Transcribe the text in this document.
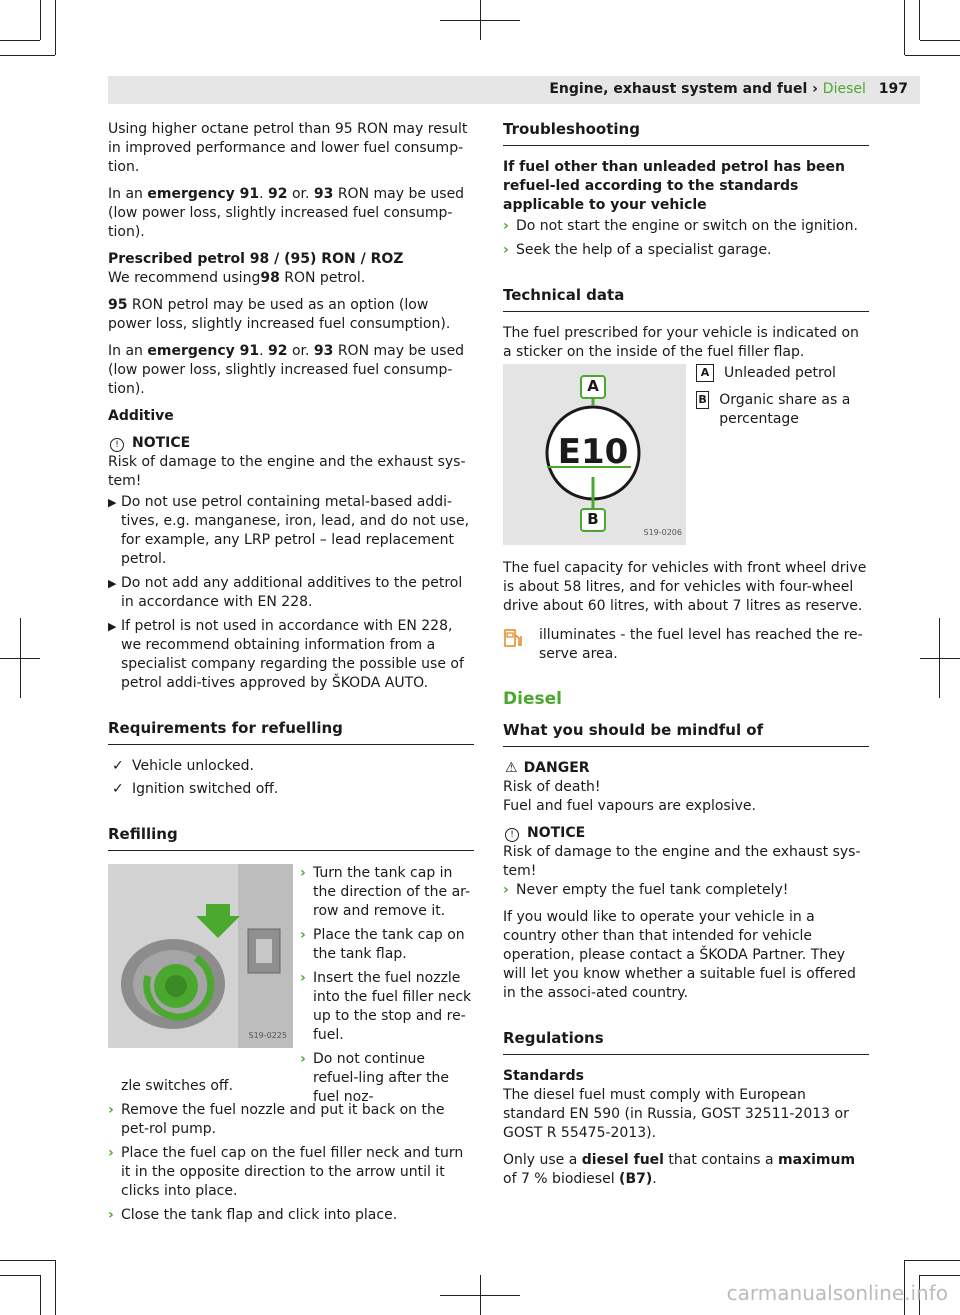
Engine, exhaust system and fuel › Diesel 197

Using higher octane petrol than 95 RON may result in improved performance and lower fuel consump-tion.

In an emergency 91. 92 or. 93 RON may be used (low power loss, slightly increased fuel consump-tion).

Prescribed petrol 98 / (95) RON / ROZ

We recommend using98 RON petrol.

95 RON petrol may be used as an option (low power loss, slightly increased fuel consumption).

In an emergency 91. 92 or. 93 RON may be used (low power loss, slightly increased fuel consump-tion).

Additive

! NOTICE
Risk of damage to the engine and the exhaust sys-tem!
▶ Do not use petrol containing metal-based addi-tives, e.g. manganese, iron, lead, and do not use, for example, any LRP petrol – lead replacement petrol.
▶ Do not add any additional additives to the petrol in accordance with EN 228.
▶ If petrol is not used in accordance with EN 228, we recommend obtaining information from a specialist company regarding the possible use of petrol addi-tives approved by ŠKODA AUTO.
Requirements for refuelling
✓ Vehicle unlocked.
✓ Ignition switched off.
Refilling
S19-0225
› Turn the tank cap in the direction of the ar-row and remove it.
› Place the tank cap on the tank flap.
› Insert the fuel nozzle into the fuel filler neck up to the stop and re-fuel.
› Do not continue refuel-ling after the fuel noz-
zle switches off.
› Remove the fuel nozzle and put it back on the pet-rol pump.
› Place the fuel cap on the fuel filler neck and turn it in the opposite direction to the arrow until it clicks into place.
› Close the tank flap and click into place.
Troubleshooting
If fuel other than unleaded petrol has been refuel-led according to the standards applicable to your vehicle
› Do not start the engine or switch on the ignition.
› Seek the help of a specialist garage.
Technical data

The fuel prescribed for your vehicle is indicated on a sticker on the inside of the fuel filler flap.

E10
A
B
S19-0206
A	Unleaded petrol
B Organic share as a percentage

The fuel capacity for vehicles with front wheel drive is about 58 litres, and for vehicles with four-wheel drive about 60 litres, with about 7 litres as reserve.

illuminates - the fuel level has reached the re-serve area.
Diesel
What you should be mindful of
⚠ DANGER
Risk of death!
Fuel and fuel vapours are explosive.
! NOTICE
Risk of damage to the engine and the exhaust sys-tem!
› Never empty the fuel tank completely!

If you would like to operate your vehicle in a country other than that intended for vehicle operation, please contact a ŠKODA Partner. They will let you know whether a suitable fuel is offered in the associ-ated country.

Regulations
Standards

The diesel fuel must comply with European standard EN 590 (in Russia, GOST 32511-2013 or GOST R 55475-2013).

Only use a diesel fuel that contains a maximum of 7 % biodiesel (B7).

carmanualsonline.info
